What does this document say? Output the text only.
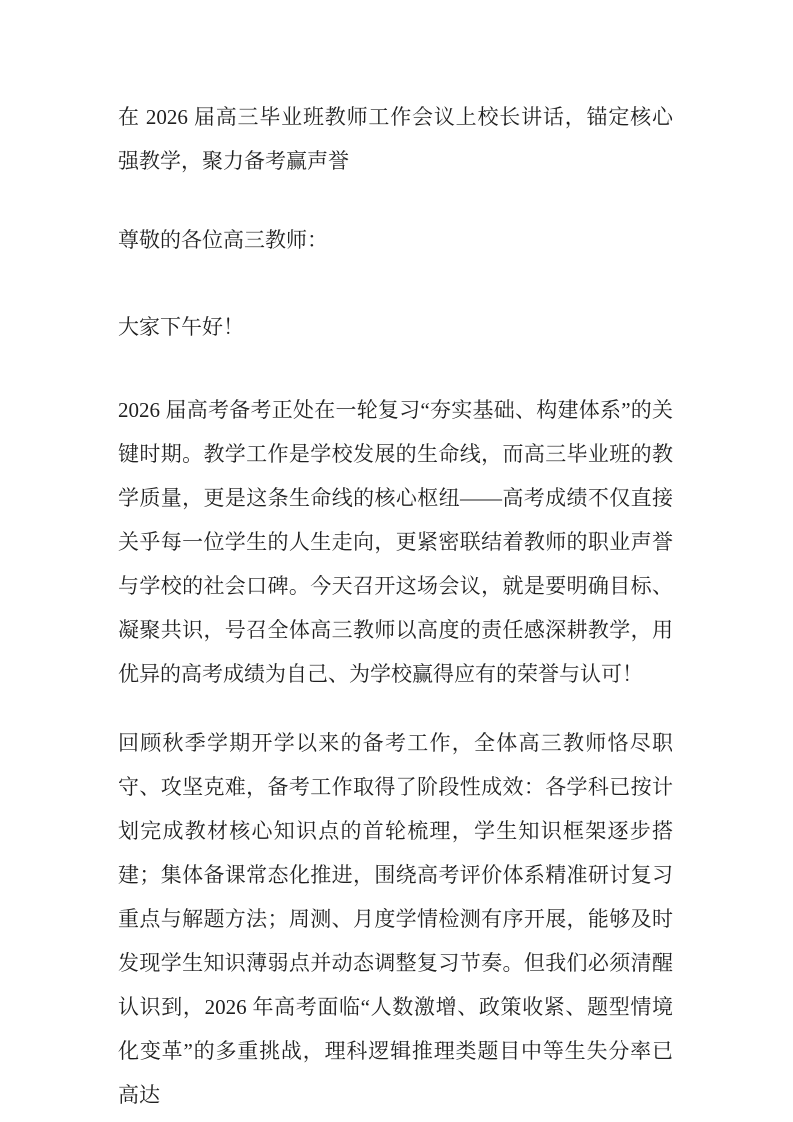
在 2026 届高三毕业班教师工作会议上校长讲话，锚定核心强教学，聚力备考赢声誉

尊敬的各位高三教师：

大家下午好！

2026 届高考备考正处在一轮复习“夯实基础、构建体系”的关键时期。教学工作是学校发展的生命线，而高三毕业班的教学质量，更是这条生命线的核心枢纽——高考成绩不仅直接关乎每一位学生的人生走向，更紧密联结着教师的职业声誉与学校的社会口碑。今天召开这场会议，就是要明确目标、凝聚共识，号召全体高三教师以高度的责任感深耕教学，用优异的高考成绩为自己、为学校赢得应有的荣誉与认可！

回顾秋季学期开学以来的备考工作，全体高三教师恪尽职守、攻坚克难，备考工作取得了阶段性成效：各学科已按计划完成教材核心知识点的首轮梳理，学生知识框架逐步搭建；集体备课常态化推进，围绕高考评价体系精准研讨复习重点与解题方法；周测、月度学情检测有序开展，能够及时发现学生知识薄弱点并动态调整复习节奏。但我们必须清醒认识到，2026 年高考面临“人数激增、政策收紧、题型情境化变革”的多重挑战，理科逻辑推理类题目中等生失分率已高达
